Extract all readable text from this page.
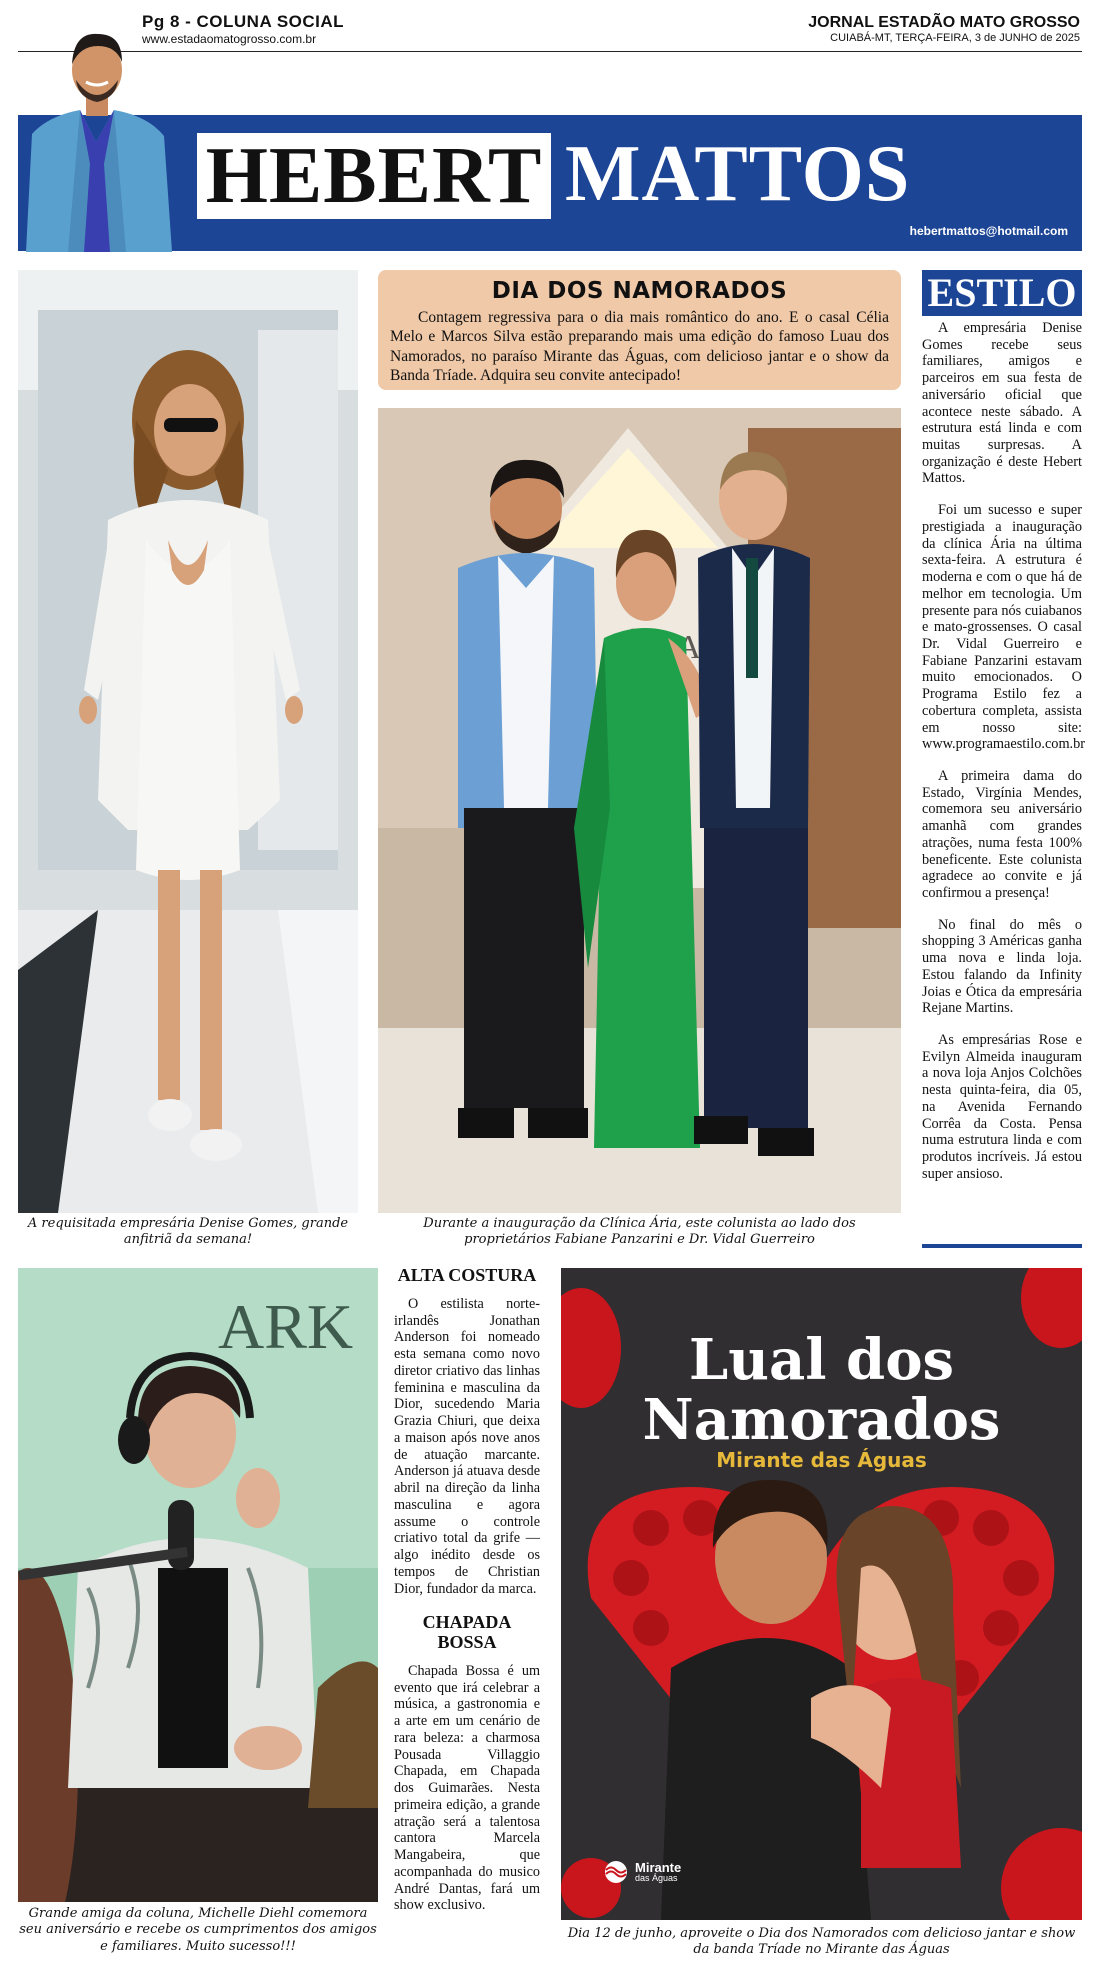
Pg 8 - COLUNA SOCIAL
www.estadaomatogrosso.com.br
JORNAL ESTADÃO MATO GROSSO
CUIABÁ-MT, TERÇA-FEIRA, 3 de JUNHO de 2025
HEBERT MATTOS
hebertmattos@hotmail.com
A requisitada empresária Denise Gomes, grande anfitriã da semana!
DIA DOS NAMORADOS

Contagem regressiva para o dia mais romântico do ano. E o casal Célia Melo e Marcos Silva estão preparando mais uma edição do famoso Luau dos Namorados, no paraíso Mirante das Águas, com delicioso jantar e o show da Banda Tríade. Adquira seu convite antecipado!

Durante a inauguração da Clínica Ária, este colunista ao lado dos proprietários Fabiane Panzarini e Dr. Vidal Guerreiro
ESTILO

A empresária Denise Gomes recebe seus familiares, amigos e parceiros em sua festa de aniversário oficial que acontece neste sábado. A estrutura está linda e com muitas surpresas. A organização é deste Hebert Mattos.

Foi um sucesso e super prestigiada a inauguração da clínica Ária na última sexta-feira. A estrutura é moderna e com o que há de melhor em tecnologia. Um presente para nós cuiabanos e mato-grossenses. O casal Dr. Vidal Guerreiro e Fabiane Panzarini estavam muito emocionados. O Programa Estilo fez a cobertura completa, assista em nosso site: www.programaestilo.com.br

A primeira dama do Estado, Virgínia Mendes, comemora seu aniversário amanhã com grandes atrações, numa festa 100% beneficente. Este colunista agradece ao convite e já confirmou a presença!

No final do mês o shopping 3 Américas ganha uma nova e linda loja. Estou falando da Infinity Joias e Ótica da empresária Rejane Martins.

As empresárias Rose e Evilyn Almeida inauguram a nova loja Anjos Colchões nesta quinta-feira, dia 05, na Avenida Fernando Corrêa da Costa. Pensa numa estrutura linda e com produtos incríveis. Já estou super ansioso.

ARK
Grande amiga da coluna, Michelle Diehl comemora seu aniversário e recebe os cumprimentos dos amigos e familiares. Muito sucesso!!!
ALTA COSTURA

O estilista norte-irlandês Jonathan Anderson foi nomeado esta semana como novo diretor criativo das linhas feminina e masculina da Dior, sucedendo Maria Grazia Chiuri, que deixa a maison após nove anos de atuação marcante. Anderson já atuava desde abril na direção da linha masculina e agora assume o controle criativo total da grife — algo inédito desde os tempos de Christian Dior, fundador da marca.

CHAPADA BOSSA

Chapada Bossa é um evento que irá celebrar a música, a gastronomia e a arte em um cenário de rara beleza: a charmosa Pousada Villaggio Chapada, em Chapada dos Guimarães. Nesta primeira edição, a grande atração será a talentosa cantora Marcela Mangabeira, que acompanhada do musico André Dantas, fará um show exclusivo.

Lual dos
Namorados
Mirante das Águas
Mirante
das Águas
Dia 12 de junho, aproveite o Dia dos Namorados com delicioso jantar e show da banda Tríade no Mirante das Águas
